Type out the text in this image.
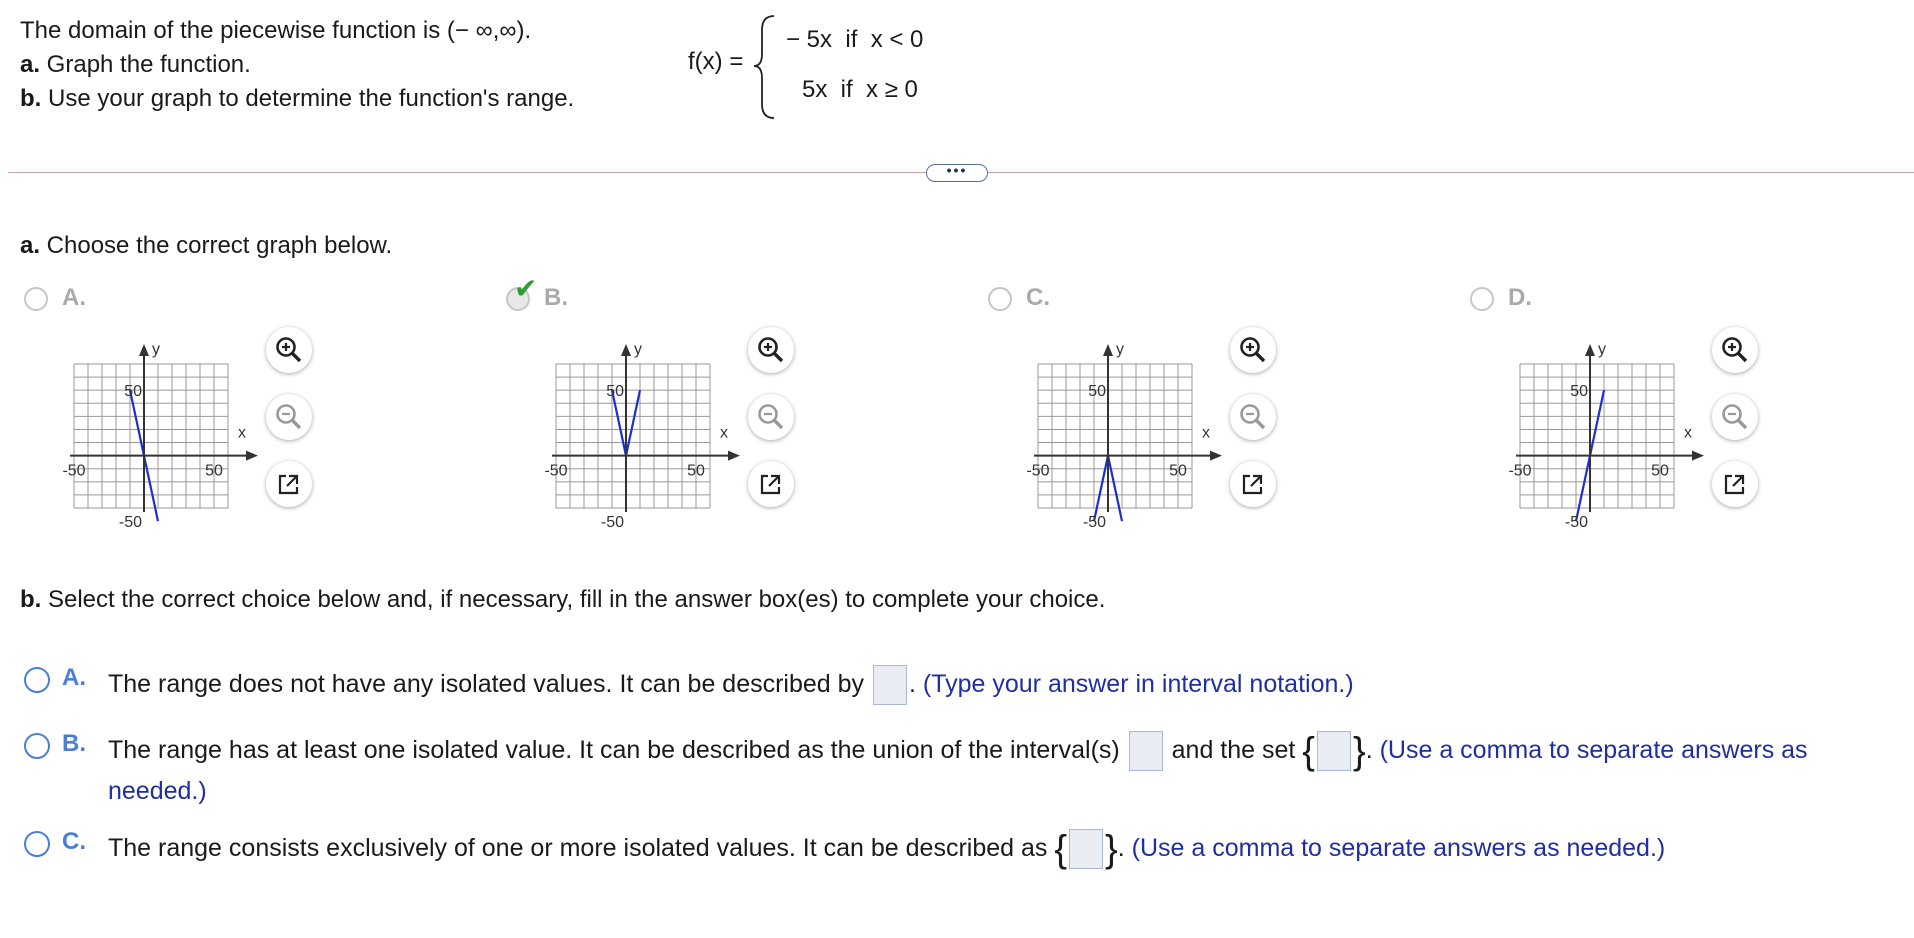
The domain of the piecewise function is (− ∞,∞).
a. Graph the function.
b. Use your graph to determine the function's range.
f(x) =
− 5x  if  x < 0
5x  if  x ≥ 0
•••
a. Choose the correct graph below.
A.	✔ B.	C.	D.
y
x
50
-50
-50	50
y
x
50
-50
-50	50
y
x
50
-50
-50	50
y
x
50
-50
-50	50
b. Select the correct choice below and, if necessary, fill in the answer box(es) to complete your choice.
A. The range does not have any isolated values. It can be described by . (Type your answer in interval notation.)
B. The range has at least one isolated value. It can be described as the union of the interval(s)  and the set { }. (Use a comma to separate answers as needed.)
C. The range consists exclusively of one or more isolated values. It can be described as { }. (Use a comma to separate answers as needed.)
